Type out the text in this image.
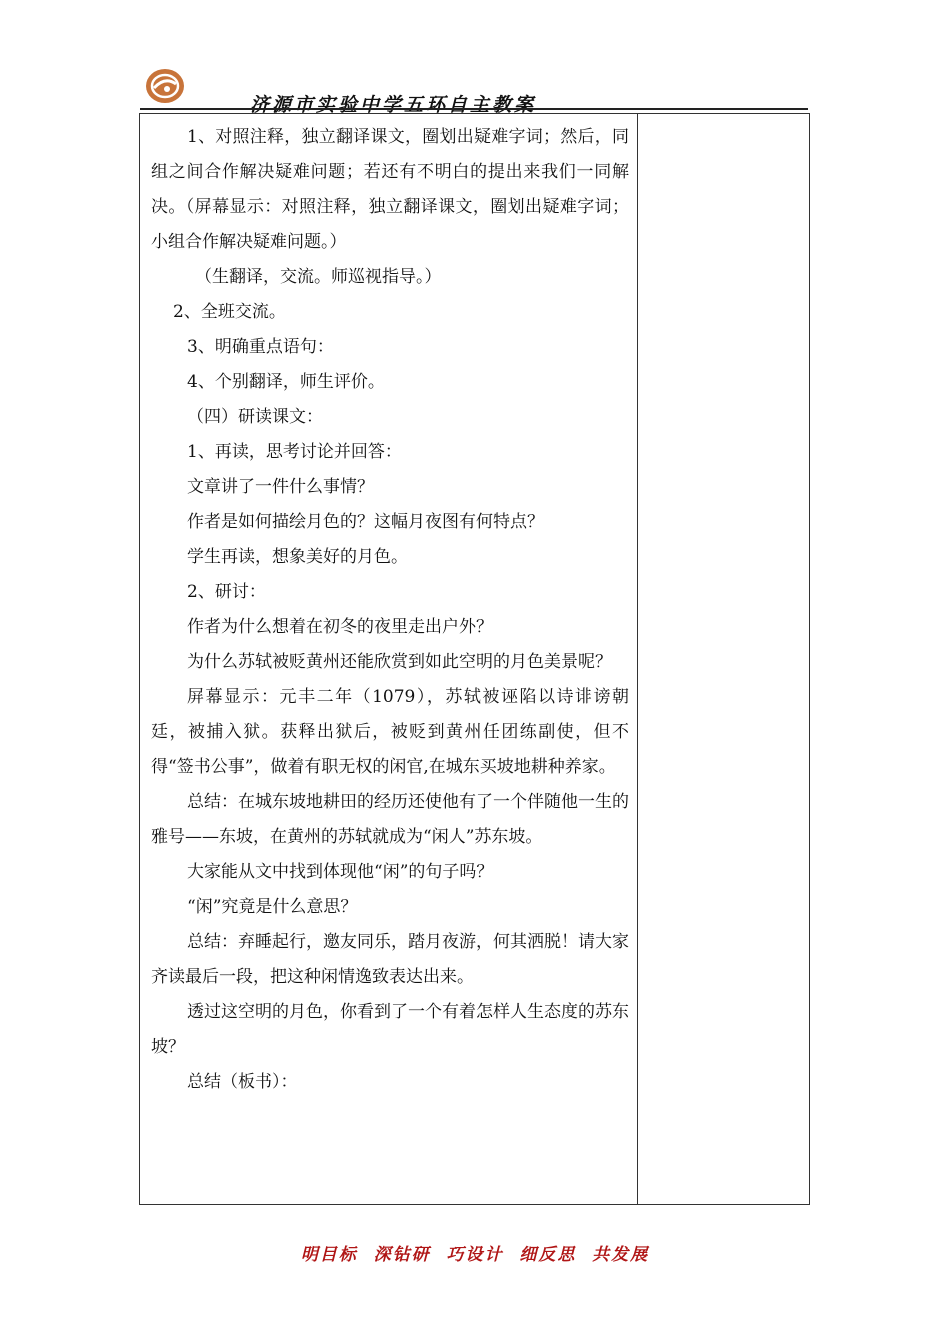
济源市实验中学五环自主教案

1、对照注释，独立翻译课文，圈划出疑难字词；然后，同组之间合作解决疑难问题；若还有不明白的提出来我们一同解决。（屏幕显示：对照注释，独立翻译课文，圈划出疑难字词；小组合作解决疑难问题。）

（生翻译，交流。师巡视指导。）

2、全班交流。

3、明确重点语句：

4、个别翻译，师生评价。

（四）研读课文：

1、再读，思考讨论并回答：

文章讲了一件什么事情？

作者是如何描绘月色的？这幅月夜图有何特点？

学生再读，想象美好的月色。

2、研讨：

作者为什么想着在初冬的夜里走出户外？

为什么苏轼被贬黄州还能欣赏到如此空明的月色美景呢？

屏幕显示：元丰二年（1079），苏轼被诬陷以诗诽谤朝廷，被捕入狱。获释出狱后，被贬到黄州任团练副使，但不得“签书公事”，做着有职无权的闲官,在城东买坡地耕种养家。

总结：在城东坡地耕田的经历还使他有了一个伴随他一生的雅号——东坡，在黄州的苏轼就成为“闲人”苏东坡。

大家能从文中找到体现他“闲”的句子吗？

“闲”究竟是什么意思？

总结：弃睡起行，邀友同乐，踏月夜游，何其洒脱！请大家齐读最后一段，把这种闲情逸致表达出来。

透过这空明的月色，你看到了一个有着怎样人生态度的苏东坡？

总结（板书）：

明目标  深钻研  巧设计  细反思  共发展
